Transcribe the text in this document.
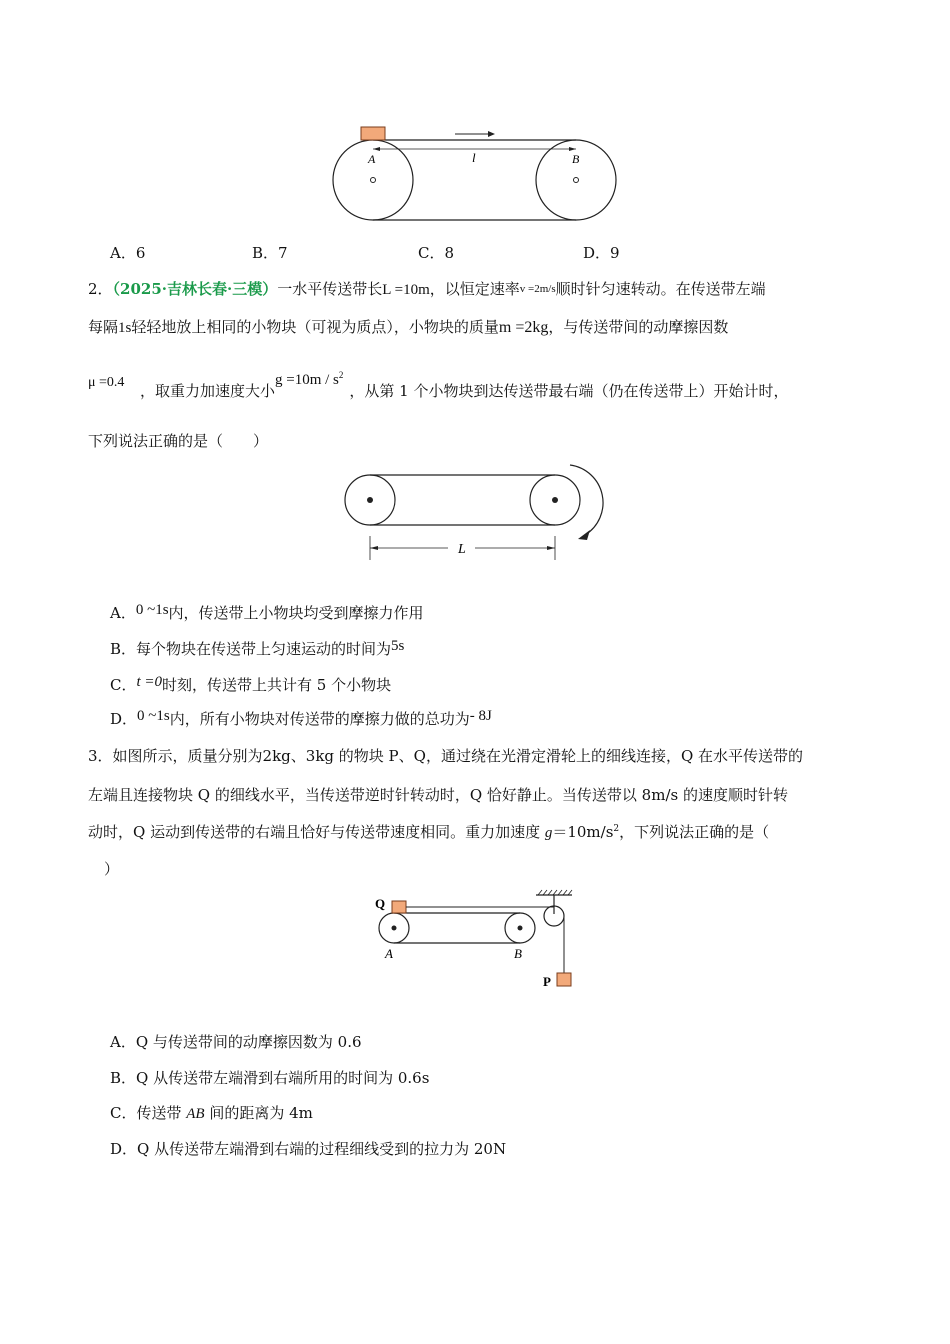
A	B
l
A．6	B．7	C．8	D．9
2．（2025·吉林长春·三模）一水平传送带长L =10m，以恒定速率v =2m/s顺时针匀速转动。在传送带左端
每隔1s轻轻地放上相同的小物块（可视为质点），小物块的质量m =2kg，与传送带间的动摩擦因数
μ =0.4 ，取重力加速度大小$g =10m / s^2$，从第 1 个小物块到达传送带最右端（仍在传送带上）开始计时，
下列说法正确的是（　　）
L
A．0 ~1s内，传送带上小物块均受到摩擦力作用
B．每个物块在传送带上匀速运动的时间为5s
C．t =0时刻，传送带上共计有 5 个小物块
D．0 ~1s内，所有小物块对传送带的摩擦力做的总功为- 8J
3．如图所示，质量分别为2kg、3kg 的物块 P、Q，通过绕在光滑定滑轮上的细线连接，Q 在水平传送带的
左端且连接物块 Q 的细线水平，当传送带逆时针转动时，Q 恰好静止。当传送带以 8m/s 的速度顺时针转
动时，Q 运动到传送带的右端且恰好与传送带速度相同。重力加速度 $g=10m/s^2$，下列说法正确的是（
）
Q
P
A	B
A．Q 与传送带间的动摩擦因数为 0.6
B．Q 从传送带左端滑到右端所用的时间为 0.6s
C．传送带 AB 间的距离为 4m
D．Q 从传送带左端滑到右端的过程细线受到的拉力为 20N
